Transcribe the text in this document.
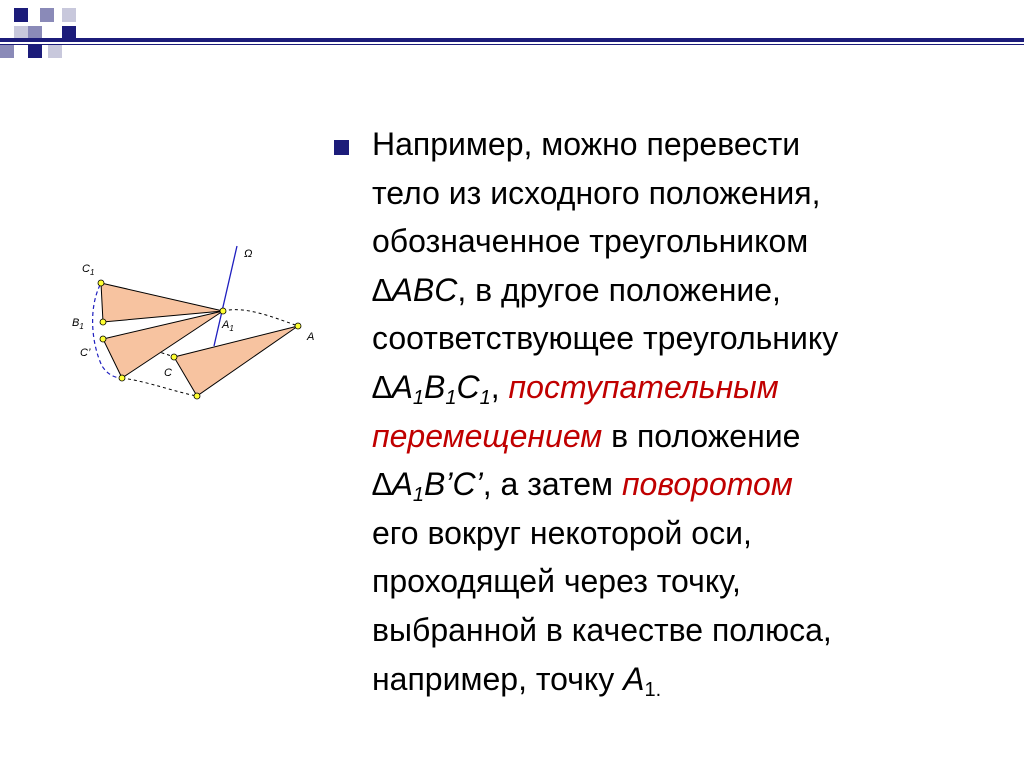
Ω
$C_1$
$B_1$
C’
$A_1$
A
C
Например, можно перевести
тело из исходного положения,
обозначенное треугольником
∆ABC, в другое положение,
соответствующее треугольнику
$\Delta A_1B_1C_1$, поступательным
перемещением в положение
$\Delta A_1B’C$’, а затем поворотом
его вокруг некоторой оси,
проходящей через точку,
выбранной в качестве полюса,
например, точку $A_{1.}$
